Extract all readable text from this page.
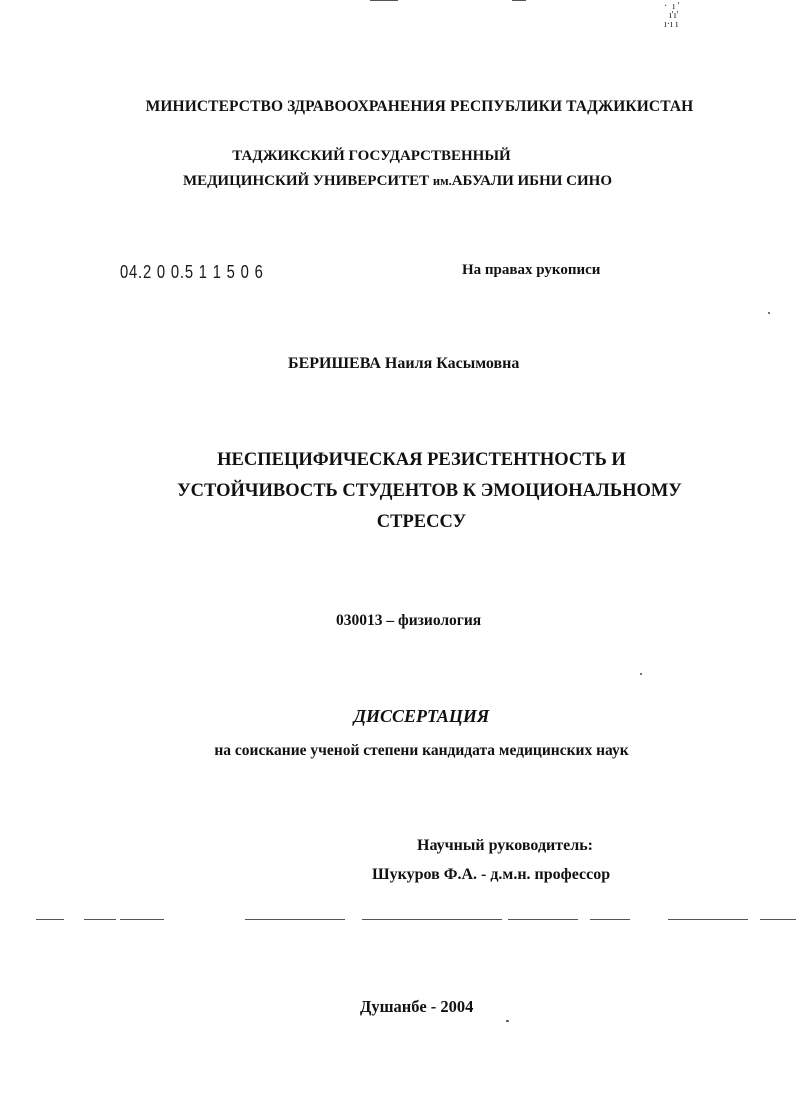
·  ı '
ı'ı'
ı·ı ı
МИНИСТЕРСТВО ЗДРАВООХРАНЕНИЯ РЕСПУБЛИКИ ТАДЖИКИСТАН
ТАДЖИКСКИЙ ГОСУДАРСТВЕННЫЙ
МЕДИЦИНСКИЙ УНИВЕРСИТЕТ им.АБУАЛИ ИБНИ СИНО
04.2 0 0.5 1 1 5 0 6	На правах рукописи
БЕРИШЕВА Наиля Касымовна
НЕСПЕЦИФИЧЕСКАЯ РЕЗИСТЕНТНОСТЬ И
УСТОЙЧИВОСТЬ СТУДЕНТОВ К ЭМОЦИОНАЛЬНОМУ
СТРЕССУ
030013 – физиология
ДИССЕРТАЦИЯ
на соискание ученой степени кандидата медицинских наук
Научный руководитель:
Шукуров Ф.А. - д.м.н. профессор
Душанбе - 2004
